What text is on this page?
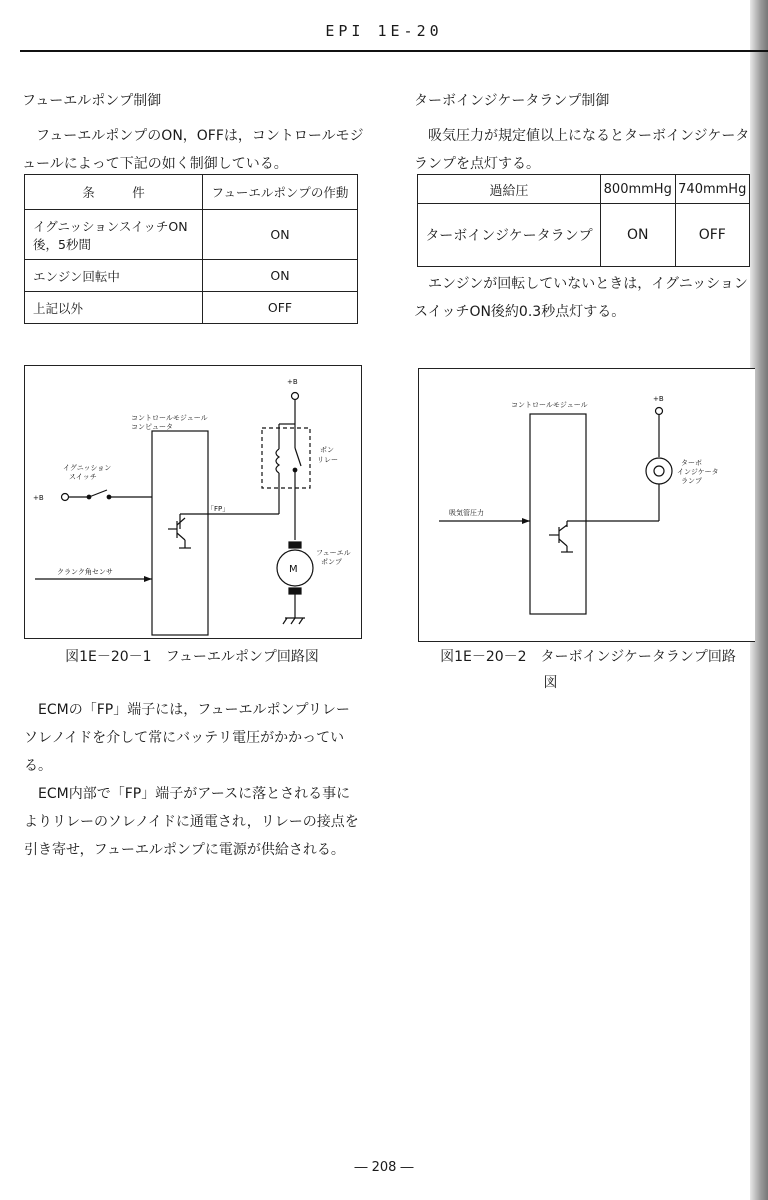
EPI 1E-20

フューエルポンプ制御

フューエルポンプのON，OFFは，コントロールモジュールによって下記の如く制御している。

条　　　件	フューエルポンプの作動
イグニッションスイッチON後，5秒間	ON
エンジン回転中	ON
上記以外	OFF
+B
コントロールモジュール
コンピュータ
ポン
リレー
イグニッション
スイッチ
+B
「FP」
フューエル
ポンプ
M
クランク角センサ
図1E－20－1　フューエルポンプ回路図

ECMの「FP」端子には，フューエルポンプリレーソレノイドを介して常にバッテリ電圧がかかっている。

ECM内部で「FP」端子がアースに落とされる事によりリレーのソレノイドに通電され，リレーの接点を引き寄せ，フューエルポンプに電源が供給される。

ターボインジケータランプ制御

吸気圧力が規定値以上になるとターボインジケータランプを点灯する。

過給圧	800mmHg	740mmHg
ターボインジケータランプ	ON	OFF

エンジンが回転していないときは，イグニッションスイッチON後約0.3秒点灯する。

コントロールモジュール
+B
ターボ
インジケータ
ランプ
吸気管圧力
図1E－20－2　ターボインジケータランプ回路
図
― 208 ―
